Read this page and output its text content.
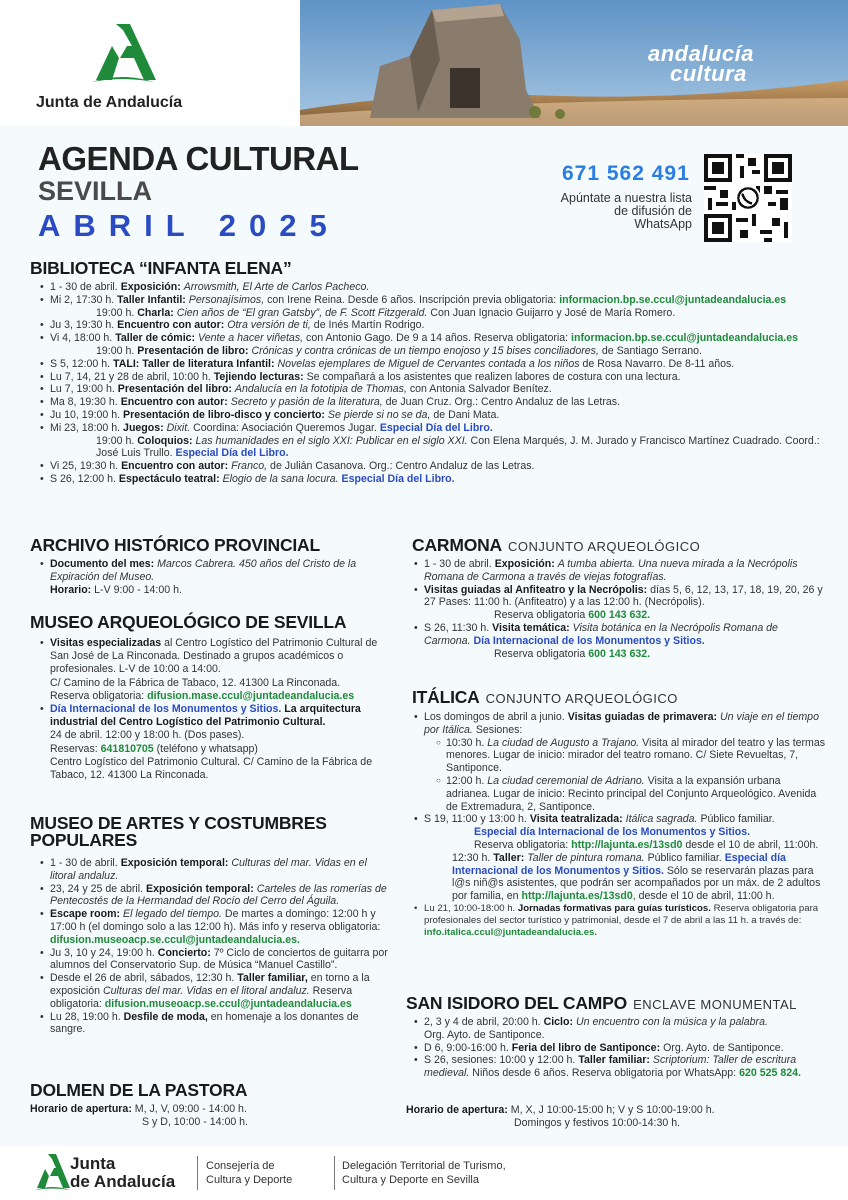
Junta de Andalucía
andalucía
cultura
AGENDA CULTURAL
SEVILLA
ABRIL 2025
671 562 491
Apúntate a nuestra lista de difusión de WhatsApp
BIBLIOTECA “INFANTA ELENA”
• 1 - 30 de abril. Exposición: Arrowsmith, El Arte de Carlos Pacheco.
• Mi 2, 17:30 h. Taller Infantil: Personajísimos, con Irene Reina. Desde 6 años. Inscripción previa obligatoria: informacion.bp.se.ccul@juntadeandalucia.es
19:00 h. Charla: Cien años de “El gran Gatsby”, de F. Scott Fitzgerald. Con Juan Ignacio Guijarro y José de María Romero.
• Ju 3, 19:30 h. Encuentro con autor: Otra versión de ti, de Inés Martín Rodrigo.
• Vi 4, 18:00 h. Taller de cómic: Vente a hacer viñetas, con Antonio Gago. De 9 a 14 años. Reserva obligatoria: informacion.bp.se.ccul@juntadeandalucia.es
19:00 h. Presentación de libro: Crónicas y contra crónicas de un tiempo enojoso y 15 bises conciliadores, de Santiago Serrano.
• S 5, 12:00 h. TALI: Taller de literatura Infantil: Novelas ejemplares de Miguel de Cervantes contada a los niños de Rosa Navarro. De 8-11 años.
• Lu 7, 14, 21 y 28 de abril, 10:00 h. Tejiendo lecturas: Se compañará a los asistentes que realizen labores de costura con una lectura.
• Lu 7, 19:00 h. Presentación del libro: Andalucía en la fototipia de Thomas, con Antonia Salvador Benítez.
• Ma 8, 19:30 h. Encuentro con autor: Secreto y pasión de la literatura, de Juan Cruz. Org.: Centro Andaluz de las Letras.
• Ju 10, 19:00 h. Presentación de libro-disco y concierto: Se pierde si no se da, de Dani Mata.
• Mi 23, 18:00 h. Juegos: Dixit. Coordina: Asociación Queremos Jugar. Especial Día del Libro.
19:00 h. Coloquios: Las humanidades en el siglo XXI: Publicar en el siglo XXI. Con Elena Marqués, J. M. Jurado y Francisco Martínez Cuadrado. Coord.: José Luis Trullo. Especial Día del Libro.
• Vi 25, 19:30 h. Encuentro con autor: Franco, de Julián Casanova. Org.: Centro Andaluz de las Letras.
• S 26, 12:00 h. Espectáculo teatral: Elogio de la sana locura. Especial Día del Libro.
ARCHIVO HISTÓRICO PROVINCIAL
• Documento del mes: Marcos Cabrera. 450 años del Cristo de la Expiración del Museo.
Horario: L-V 9:00 - 14:00 h.
MUSEO ARQUEOLÓGICO DE SEVILLA
• Visitas especializadas al Centro Logístico del Patrimonio Cultural de San José de La Rinconada. Destinado a grupos académicos o profesionales. L-V de 10:00 a 14:00.
C/ Camino de la Fábrica de Tabaco, 12. 41300 La Rinconada.
Reserva obligatoria: difusion.mase.ccul@juntadeandalucia.es
• Día Internacional de los Monumentos y Sitios. La arquitectura industrial del Centro Logístico del Patrimonio Cultural.
24 de abril. 12:00 y 18:00 h. (Dos pases).
Reservas: 641810705 (teléfono y whatsapp)
Centro Logístico del Patrimonio Cultural. C/ Camino de la Fábrica de Tabaco, 12. 41300 La Rinconada.
MUSEO DE ARTES Y COSTUMBRES POPULARES
• 1 - 30 de abril. Exposición temporal: Culturas del mar. Vidas en el litoral andaluz.
• 23, 24 y 25 de abril. Exposición temporal: Carteles de las romerías de Pentecostés de la Hermandad del Rocío del Cerro del Águila.
• Escape room: El legado del tiempo. De martes a domingo: 12:00 h y 17:00 h (el domingo solo a las 12:00 h). Más info y reserva obligatoria: difusion.museoacp.se.ccul@juntadeandalucia.es.
• Ju 3, 10 y 24, 19:00 h. Concierto: 7º Ciclo de conciertos de guitarra por alumnos del Conservatorio Sup. de Música “Manuel Castillo”.
• Desde el 26 de abril, sábados, 12:30 h. Taller familiar, en torno a la exposición Culturas del mar. Vidas en el litoral andaluz. Reserva obligatoria: difusion.museoacp.se.ccul@juntadeandalucia.es
• Lu 28, 19:00 h. Desfile de moda, en homenaje a los donantes de sangre.
DOLMEN DE LA PASTORA
Horario de apertura: M, J, V, 09:00 - 14:00 h.
S y D, 10:00 - 14:00 h.
CARMONA CONJUNTO ARQUEOLÓGICO
• 1 - 30 de abril. Exposición: A tumba abierta. Una nueva mirada a la Necrópolis Romana de Carmona a través de viejas fotografías.
• Visitas guiadas al Anfiteatro y la Necrópolis: días 5, 6, 12, 13, 17, 18, 19, 20, 26 y 27 Pases: 11:00 h. (Anfiteatro) y a las 12:00 h. (Necrópolis).
Reserva obligatoria 600 143 632.
• S 26, 11:30 h. Visita temática: Visita botánica en la Necrópolis Romana de Carmona. Día Internacional de los Monumentos y Sitios.
Reserva obligatoria 600 143 632.
ITÁLICA CONJUNTO ARQUEOLÓGICO
• Los domingos de abril a junio. Visitas guiadas de primavera: Un viaje en el tiempo por Itálica. Sesiones:
○ 10:30 h. La ciudad de Augusto a Trajano. Visita al mirador del teatro y las termas menores. Lugar de inicio: mirador del teatro romano. C/ Siete Revueltas, 7, Santiponce.
○ 12:00 h. La ciudad ceremonial de Adriano. Visita a la expansión urbana adrianea. Lugar de inicio: Recinto principal del Conjunto Arqueológico. Avenida de Extremadura, 2, Santiponce.
• S 19, 11:00 y 13:00 h. Visita teatralizada: Itálica sagrada. Público familiar.
Especial día Internacional de los Monumentos y Sitios.
Reserva obligatoria: http://lajunta.es/13sd0 desde el 10 de abril, 11:00h.
12:30 h. Taller: Taller de pintura romana. Público familiar. Especial día Internacional de los Monumentos y Sitios. Sólo se reservarán plazas para l@s niñ@s asistentes, que podrán ser acompañados por un máx. de 2 adultos por familia, en http://lajunta.es/13sd0, desde el 10 de abril, 11:00 h.
• Lu 21, 10:00-18:00 h. Jornadas formativas para guías turísticos. Reserva obligatoria para profesionales del sector turístico y patrimonial, desde el 7 de abril a las 11 h. a través de: info.italica.ccul@juntadeandalucia.es.
SAN ISIDORO DEL CAMPO ENCLAVE MONUMENTAL
• 2, 3 y 4 de abril, 20:00 h. Ciclo: Un encuentro con la música y la palabra.
Org. Ayto. de Santiponce.
• D 6, 9:00-16:00 h. Feria del libro de Santiponce: Org. Ayto. de Santiponce.
• S 26, sesiones: 10:00 y 12:00 h. Taller familiar: Scriptorium: Taller de escritura medieval. Niños desde 6 años. Reserva obligatoria por WhatsApp: 620 525 824.
Horario de apertura: M, X, J 10:00-15:00 h; V y S 10:00-19:00 h.
Domingos y festivos 10:00-14:30 h.
Junta
de Andalucía
Consejería de
Cultura y Deporte
Delegación Territorial de Turismo,
Cultura y Deporte en Sevilla
